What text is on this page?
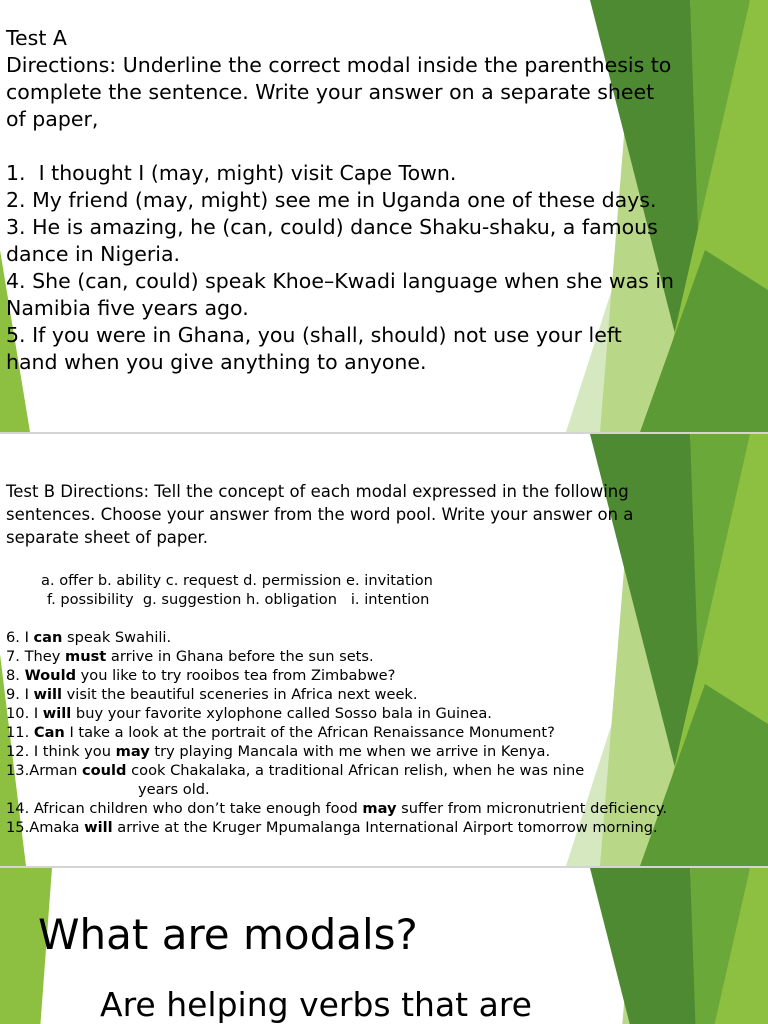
Test A
Directions: Underline the correct modal inside the parenthesis to
complete the sentence. Write your answer on a separate sheet
of paper,
1.  I thought I (may, might) visit Cape Town.
2. My friend (may, might) see me in Uganda one of these days.
3. He is amazing, he (can, could) dance Shaku-shaku, a famous
dance in Nigeria.
4. She (can, could) speak Khoe–Kwadi language when she was in
Namibia five years ago.
5. If you were in Ghana, you (shall, should) not use your left
hand when you give anything to anyone.
Test B Directions: Tell the concept of each modal expressed in the following
sentences. Choose your answer from the word pool. Write your answer on a
separate sheet of paper.
a. offer b. ability c. request d. permission e. invitation
f. possibility  g. suggestion h. obligation   i. intention
6. I can speak Swahili.
7. They must arrive in Ghana before the sun sets.
8. Would you like to try rooibos tea from Zimbabwe?
9. I will visit the beautiful sceneries in Africa next week.
10. I will buy your favorite xylophone called Sosso bala in Guinea.
11. Can I take a look at the portrait of the African Renaissance Monument?
12. I think you may try playing Mancala with me when we arrive in Kenya.
13.Arman could cook Chakalaka, a traditional African relish, when he was nine
years old.
14. African children who don’t take enough food may suffer from micronutrient deficiency.
15.Amaka will arrive at the Kruger Mpumalanga International Airport tomorrow morning.
What are modals?
Are helping verbs that are
